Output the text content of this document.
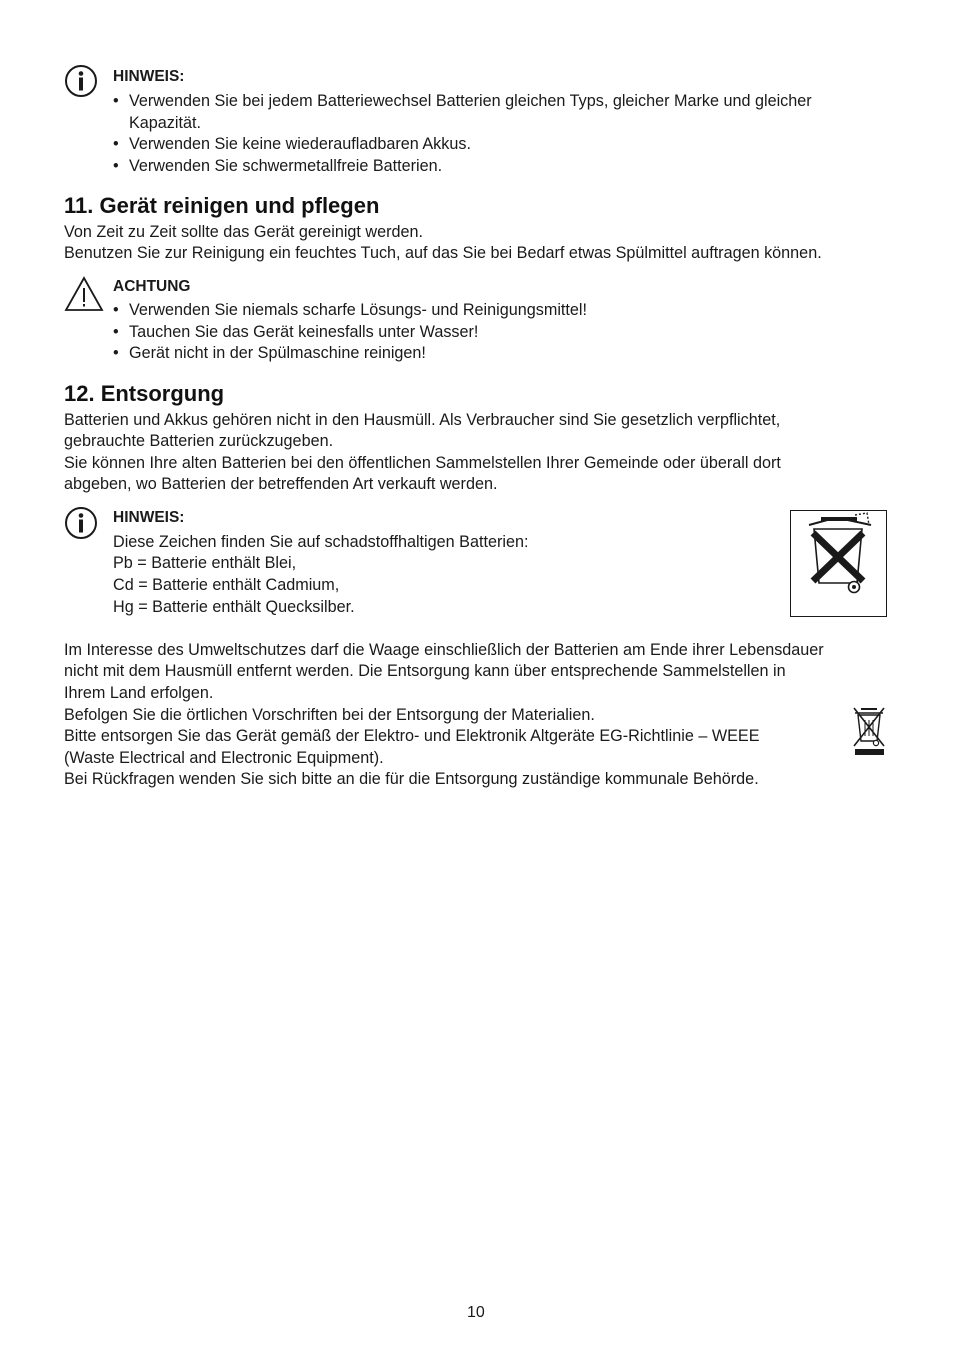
HINWEIS:
• Verwenden Sie bei jedem Batteriewechsel Batterien gleichen Typs, gleicher Marke und gleicher
Kapazität.
• Verwenden Sie keine wiederaufladbaren Akkus.
• Verwenden Sie schwermetallfreie Batterien.
11. Gerät reinigen und pflegen

Von Zeit zu Zeit sollte das Gerät gereinigt werden.

Benutzen Sie zur Reinigung ein feuchtes Tuch, auf das Sie bei Bedarf etwas Spülmittel auftragen können.

ACHTUNG
• Verwenden Sie niemals scharfe Lösungs- und Reinigungsmittel!
• Tauchen Sie das Gerät keinesfalls unter Wasser!
• Gerät nicht in der Spülmaschine reinigen!
12. Entsorgung

Batterien und Akkus gehören nicht in den Hausmüll. Als Verbraucher sind Sie gesetzlich verpflichtet,

gebrauchte Batterien zurückzugeben.

Sie können Ihre alten Batterien bei den öffentlichen Sammelstellen Ihrer Gemeinde oder überall dort

abgeben, wo Batterien der betreffenden Art verkauft werden.

HINWEIS:

Diese Zeichen finden Sie auf schadstoffhaltigen Batterien:

Pb = Batterie enthält Blei,

Cd = Batterie enthält Cadmium,

Hg = Batterie enthält Quecksilber.

Im Interesse des Umweltschutzes darf die Waage einschließlich der Batterien am Ende ihrer Lebensdauer

nicht mit dem Hausmüll entfernt werden. Die Entsorgung kann über entsprechende Sammelstellen in

Ihrem Land erfolgen.

Befolgen Sie die örtlichen Vorschriften bei der Entsorgung der Materialien.

Bitte entsorgen Sie das Gerät gemäß der Elektro- und Elektronik Altgeräte EG-Richtlinie – WEEE

(Waste Electrical and Electronic Equipment).

Bei Rückfragen wenden Sie sich bitte an die für die Entsorgung zuständige kommunale Behörde.

10
